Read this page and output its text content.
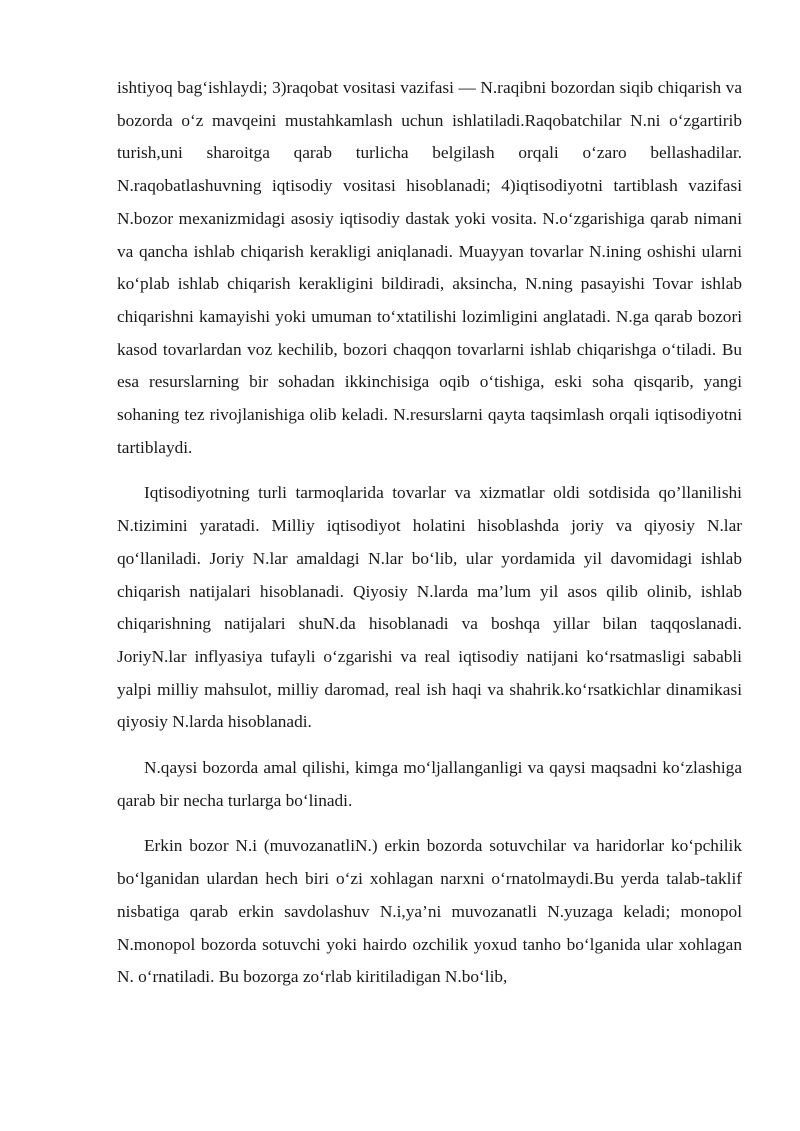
ishtiyoq bag‘ishlaydi; 3)raqobat vositasi vazifasi — N.raqibni bozordan siqib chiqarish va bozorda o‘z mavqeini mustahkamlash uchun ishlatiladi.Raqobatchilar N.ni o‘zgartirib turish,uni sharoitga qarab turlicha belgilash orqali o‘zaro bellashadilar. N.raqobatlashuvning iqtisodiy vositasi hisoblanadi; 4)iqtisodiyotni tartiblash vazifasi N.bozor mexanizmidagi asosiy iqtisodiy dastak yoki vosita. N.o‘zgarishiga qarab nimani va qancha ishlab chiqarish kerakligi aniqlanadi. Muayyan tovarlar N.ining oshishi ularni ko‘plab ishlab chiqarish kerakligini bildiradi, aksincha, N.ning pasayishi Tovar ishlab chiqarishni kamayishi yoki umuman to‘xtatilishi lozimligini anglatadi. N.ga qarab bozori kasod tovarlardan voz kechilib, bozori chaqqon tovarlarni ishlab chiqarishga o‘tiladi. Bu esa resurslarning bir sohadan ikkinchisiga oqib o‘tishiga, eski soha qisqarib, yangi sohaning tez rivojlanishiga olib keladi. N.resurslarni qayta taqsimlash orqali iqtisodiyotni tartiblaydi.

Iqtisodiyotning turli tarmoqlarida tovarlar va xizmatlar oldi sotdisida qo’llanilishi N.tizimini yaratadi. Milliy iqtisodiyot holatini hisoblashda joriy va qiyosiy N.lar qo‘llaniladi. Joriy N.lar amaldagi N.lar bo‘lib, ular yordamida yil davomidagi ishlab chiqarish natijalari hisoblanadi. Qiyosiy N.larda ma’lum yil asos qilib olinib, ishlab chiqarishning natijalari shuN.da hisoblanadi va boshqa yillar bilan taqqoslanadi. JoriyN.lar inflyasiya tufayli o‘zgarishi va real iqtisodiy natijani ko‘rsatmasligi sababli yalpi milliy mahsulot, milliy daromad, real ish haqi va shahrik.ko‘rsatkichlar dinamikasi qiyosiy N.larda hisoblanadi.

N.qaysi bozorda amal qilishi, kimga mo‘ljallanganligi va qaysi maqsadni ko‘zlashiga qarab bir necha turlarga bo‘linadi.

Erkin bozor N.i (muvozanatliN.) erkin bozorda sotuvchilar va haridorlar ko‘pchilik bo‘lganidan ulardan hech biri o‘zi xohlagan narxni o‘rnatolmaydi.Bu yerda talab-taklif nisbatiga qarab erkin savdolashuv N.i,ya’ni muvozanatli N.yuzaga keladi; monopol N.monopol bozorda sotuvchi yoki hairdo ozchilik yoxud tanho bo‘lganida ular xohlagan N. o‘rnatiladi. Bu bozorga zo‘rlab kiritiladigan N.bo‘lib,
